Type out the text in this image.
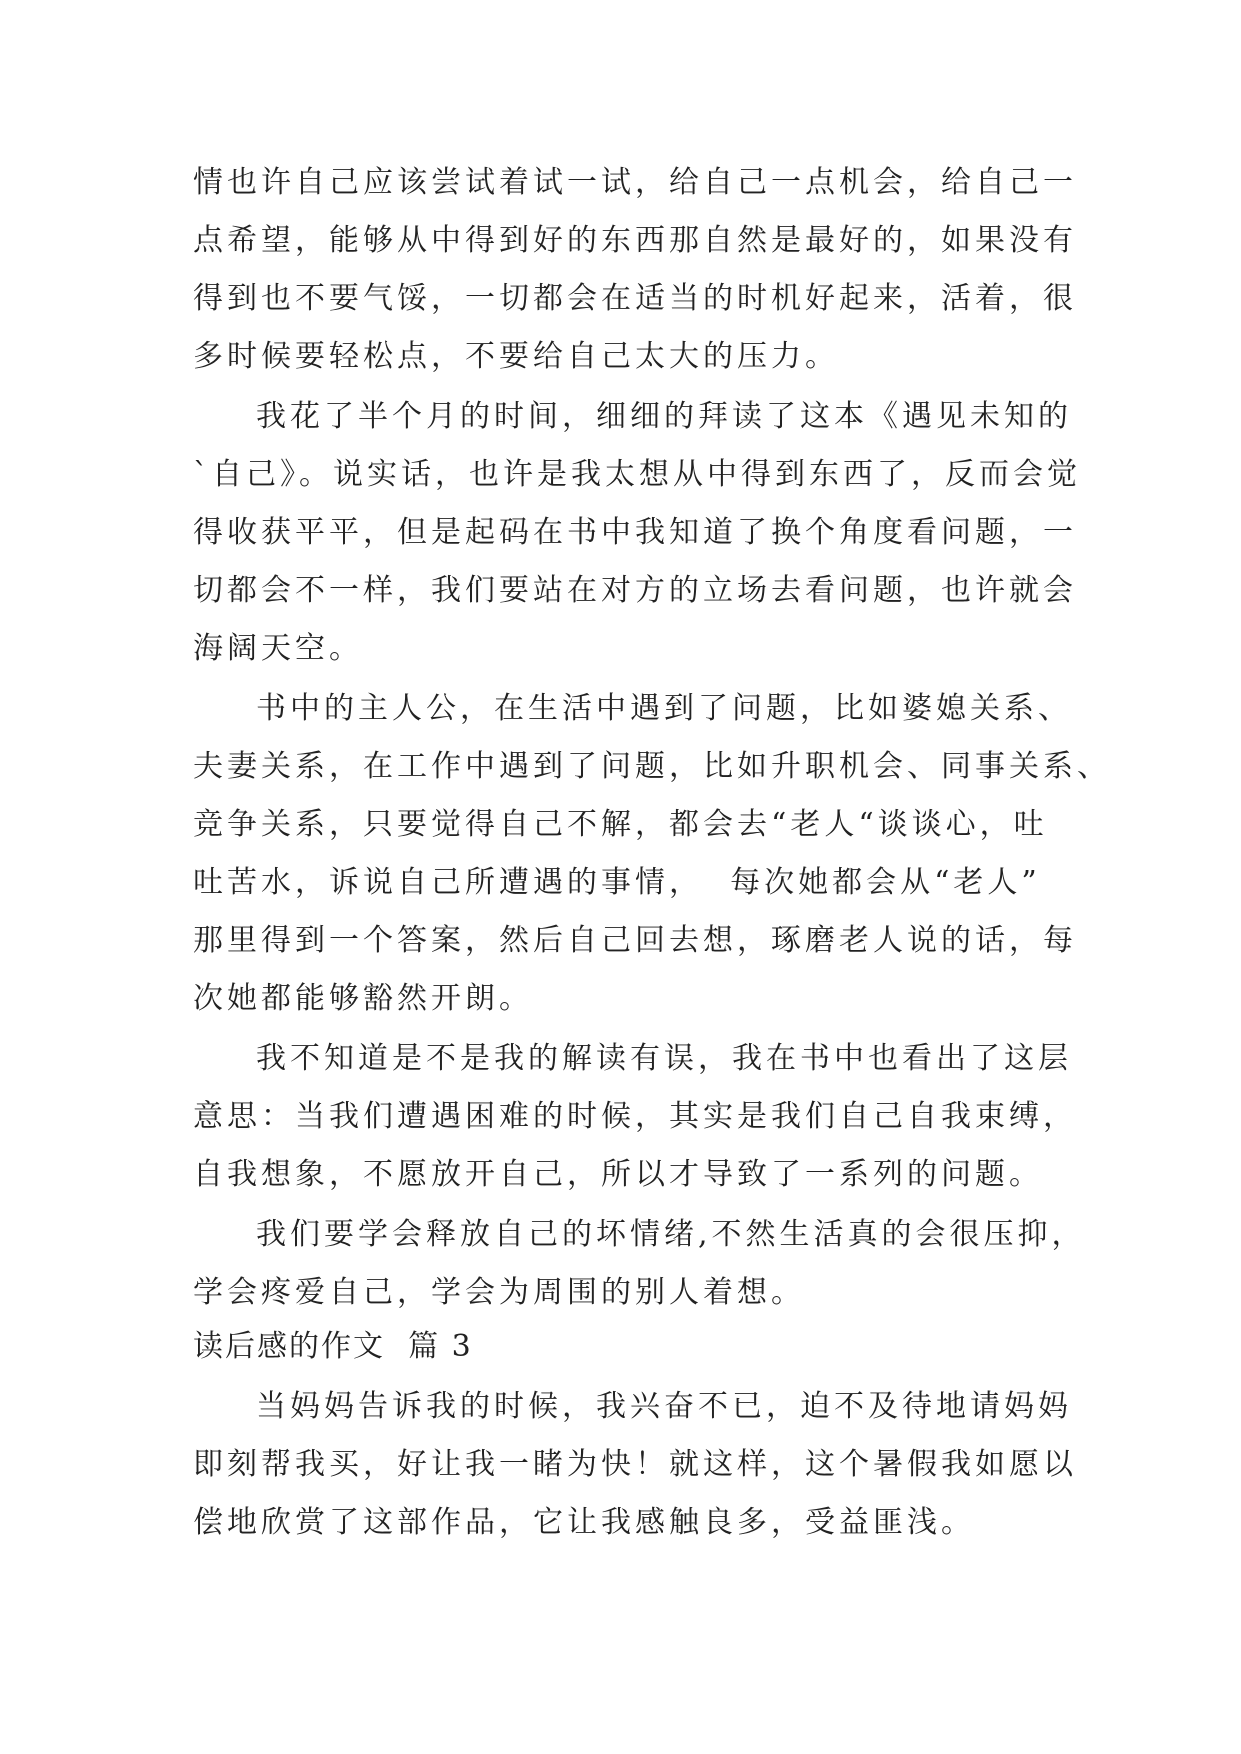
情也许自己应该尝试着试一试，给自己一点机会，给自己一
点希望，能够从中得到好的东西那自然是最好的，如果没有
得到也不要气馁，一切都会在适当的时机好起来，活着，很
多时候要轻松点，不要给自己太大的压力。
我花了半个月的时间，细细的拜读了这本《遇见未知的
`自己》。说实话，也许是我太想从中得到东西了，反而会觉
得收获平平，但是起码在书中我知道了换个角度看问题，一
切都会不一样，我们要站在对方的立场去看问题，也许就会
海阔天空。
书中的主人公，在生活中遇到了问题，比如婆媳关系、
夫妻关系，在工作中遇到了问题，比如升职机会、同事关系、
竞争关系，只要觉得自己不解，都会去“老人“谈谈心，吐
吐苦水，诉说自己所遭遇的事情，  每次她都会从“老人”
那里得到一个答案，然后自己回去想，琢磨老人说的话，每
次她都能够豁然开朗。
我不知道是不是我的解读有误，我在书中也看出了这层
意思：当我们遭遇困难的时候，其实是我们自己自我束缚，
自我想象，不愿放开自己，所以才导致了一系列的问题。
我们要学会释放自己的坏情绪,不然生活真的会很压抑，
学会疼爱自己，学会为周围的别人着想。
读后感的作文  篇 3
当妈妈告诉我的时候，我兴奋不已，迫不及待地请妈妈
即刻帮我买，好让我一睹为快！就这样，这个暑假我如愿以
偿地欣赏了这部作品，它让我感触良多，受益匪浅。
